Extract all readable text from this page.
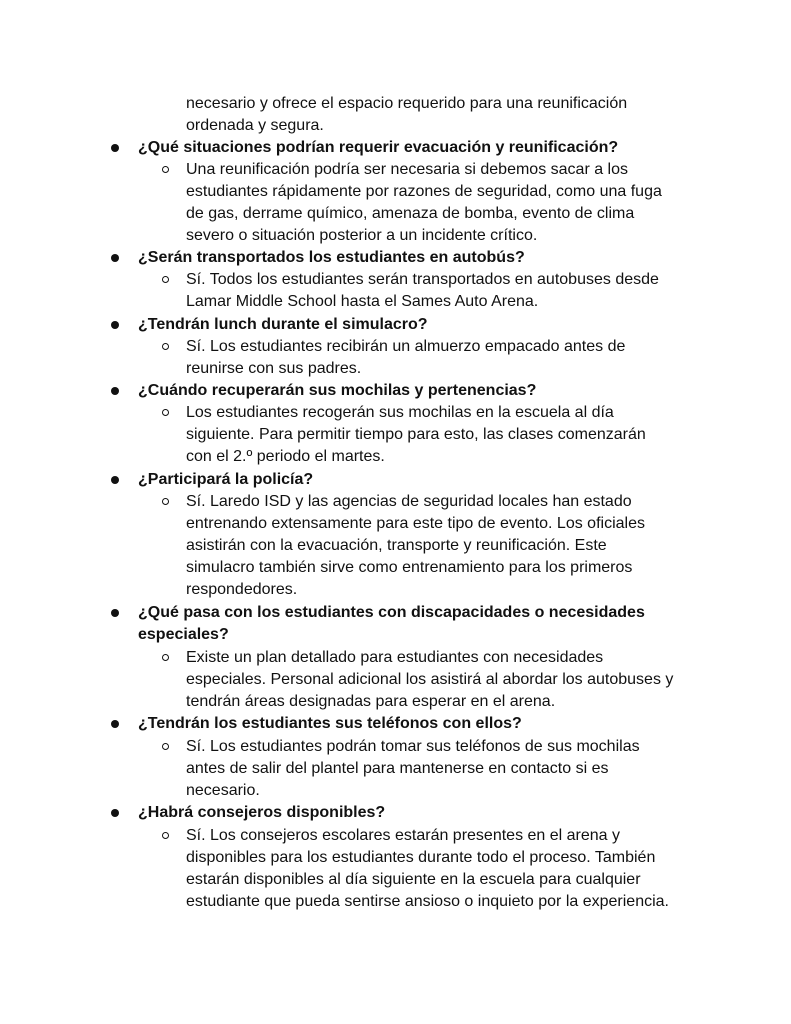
necesario y ofrece el espacio requerido para una reunificación
ordenada y segura.
¿Qué situaciones podrían requerir evacuación y reunificación?
Una reunificación podría ser necesaria si debemos sacar a los
estudiantes rápidamente por razones de seguridad, como una fuga
de gas, derrame químico, amenaza de bomba, evento de clima
severo o situación posterior a un incidente crítico.
¿Serán transportados los estudiantes en autobús?
Sí. Todos los estudiantes serán transportados en autobuses desde
Lamar Middle School hasta el Sames Auto Arena.
¿Tendrán lunch durante el simulacro?
Sí. Los estudiantes recibirán un almuerzo empacado antes de
reunirse con sus padres.
¿Cuándo recuperarán sus mochilas y pertenencias?
Los estudiantes recogerán sus mochilas en la escuela al día
siguiente. Para permitir tiempo para esto, las clases comenzarán
con el 2.º periodo el martes.
¿Participará la policía?
Sí. Laredo ISD y las agencias de seguridad locales han estado
entrenando extensamente para este tipo de evento. Los oficiales
asistirán con la evacuación, transporte y reunificación. Este
simulacro también sirve como entrenamiento para los primeros
respondedores.
¿Qué pasa con los estudiantes con discapacidades o necesidades
especiales?
Existe un plan detallado para estudiantes con necesidades
especiales. Personal adicional los asistirá al abordar los autobuses y
tendrán áreas designadas para esperar en el arena.
¿Tendrán los estudiantes sus teléfonos con ellos?
Sí. Los estudiantes podrán tomar sus teléfonos de sus mochilas
antes de salir del plantel para mantenerse en contacto si es
necesario.
¿Habrá consejeros disponibles?
Sí. Los consejeros escolares estarán presentes en el arena y
disponibles para los estudiantes durante todo el proceso. También
estarán disponibles al día siguiente en la escuela para cualquier
estudiante que pueda sentirse ansioso o inquieto por la experiencia.
